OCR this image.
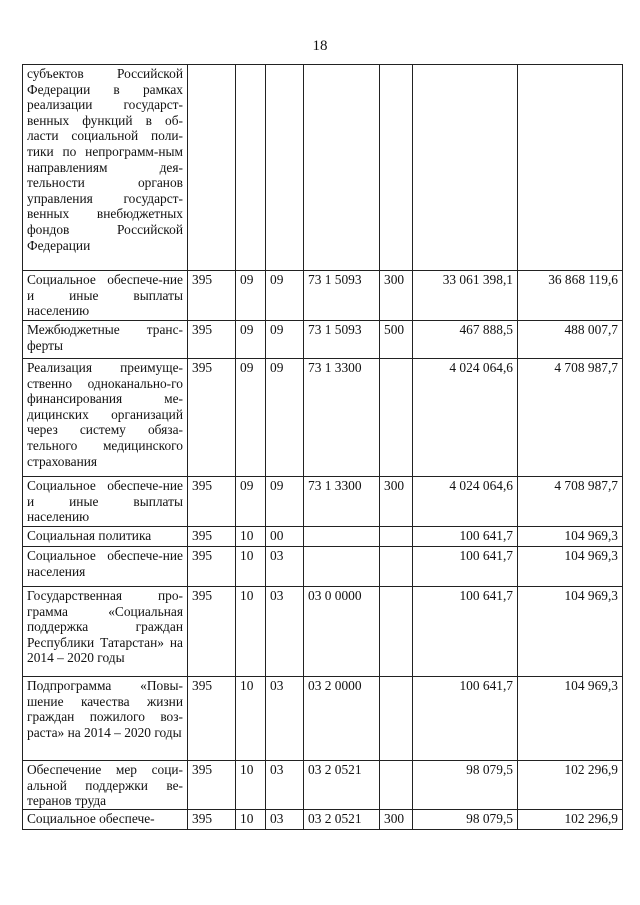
18
субъектов Российской Федерации в рамках реализации государст-венных функций в об-ласти социальной поли-тики по непрограмм-ным направлениям дея-тельности органов управления государст-венных внебюджетных фондов Российской Федерации							
Социальное обеспече-ние и иные выплаты населению	395	09	09	73 1 5093	300	33 061 398,1	36 868 119,6
Межбюджетные транс-ферты	395	09	09	73 1 5093	500	467 888,5	488 007,7
Реализация преимуще-ственно одноканально-го финансирования ме-дицинских организаций через систему обяза-тельного медицинского страхования	395	09	09	73 1 3300		4 024 064,6	4 708 987,7
Социальное обеспече-ние и иные выплаты населению	395	09	09	73 1 3300	300	4 024 064,6	4 708 987,7
Социальная политика	395	10	00			100 641,7	104 969,3
Социальное обеспече-ние населения	395	10	03			100 641,7	104 969,3
Государственная про-грамма «Социальная поддержка граждан Республики Татарстан» на 2014 – 2020 годы	395	10	03	03 0 0000		100 641,7	104 969,3
Подпрограмма «Повы-шение качества жизни граждан пожилого воз-раста» на 2014 – 2020 годы	395	10	03	03 2 0000		100 641,7	104 969,3
Обеспечение мер соци-альной поддержки ве-теранов труда	395	10	03	03 2 0521		98 079,5	102 296,9
Социальное обеспече-	395	10	03	03 2 0521	300	98 079,5	102 296,9
